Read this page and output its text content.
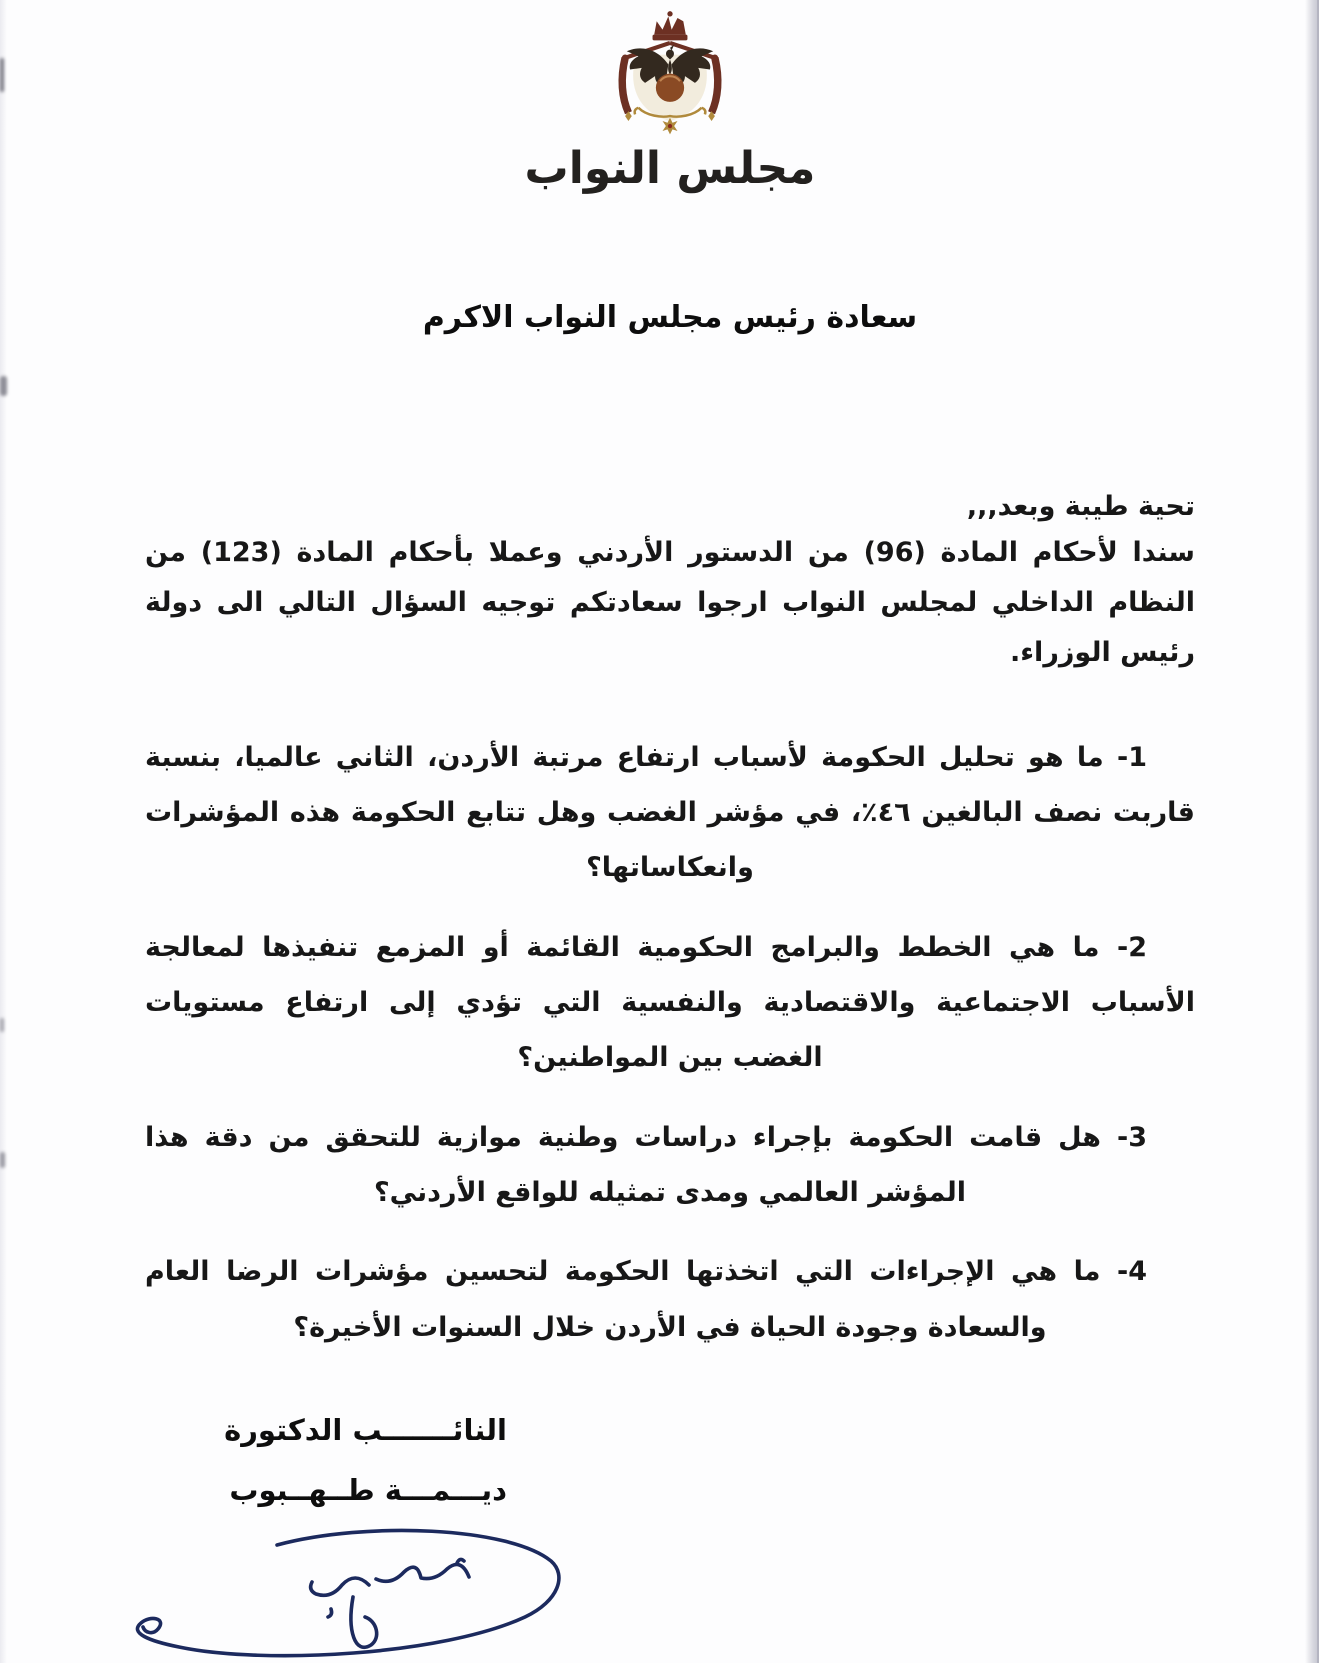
مجلس النواب
سعادة رئيس مجلس النواب الاكرم
تحية طيبة وبعد,,,

سندا لأحكام المادة (96) من الدستور الأردني وعملا بأحكام المادة (123) من النظام الداخلي لمجلس النواب ارجوا سعادتكم توجيه السؤال التالي الى دولة رئيس الوزراء.

1- ما هو تحليل الحكومة لأسباب ارتفاع مرتبة الأردن، الثاني عالميا، بنسبة قاربت نصف البالغين ٤٦٪، في مؤشر الغضب وهل تتابع الحكومة هذه المؤشرات وانعكاساتها؟

2- ما هي الخطط والبرامج الحكومية القائمة أو المزمع تنفيذها لمعالجة الأسباب الاجتماعية والاقتصادية والنفسية التي تؤدي إلى ارتفاع مستويات الغضب بين المواطنين؟

3- هل قامت الحكومة بإجراء دراسات وطنية موازية للتحقق من دقة هذا المؤشر العالمي ومدى تمثيله للواقع الأردني؟

4- ما هي الإجراءات التي اتخذتها الحكومة لتحسين مؤشرات الرضا العام والسعادة وجودة الحياة في الأردن خلال السنوات الأخيرة؟

النائـــــــب الدكتورة
ديـــمـــة طــهــبوب
